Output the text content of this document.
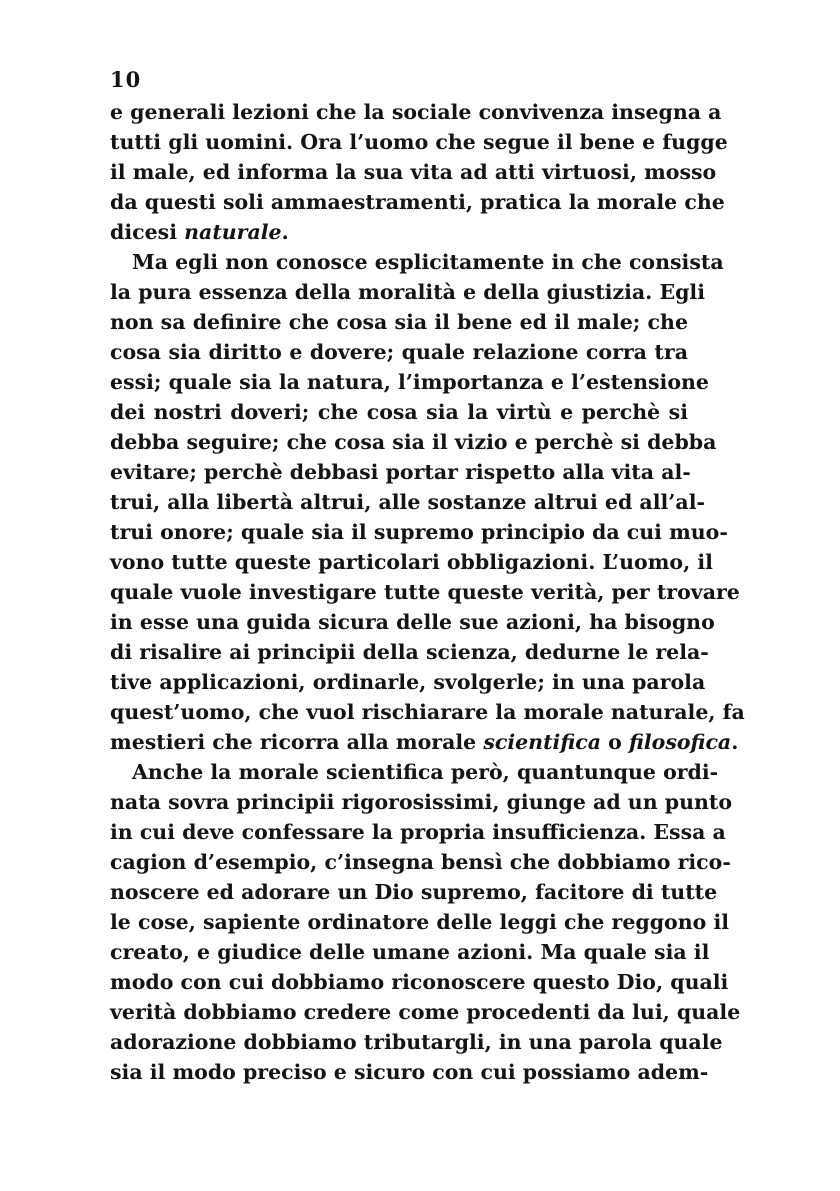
10
e generali lezioni che la sociale convivenza insegna a
tutti gli uomini. Ora l’uomo che segue il bene e fugge
il male, ed informa la sua vita ad atti virtuosi, mosso
da questi soli ammaestramenti, pratica la morale che
dicesi naturale.
Ma egli non conosce esplicitamente in che consista
la pura essenza della moralità e della giustizia. Egli
non sa definire che cosa sia il bene ed il male; che
cosa sia diritto e dovere; quale relazione corra tra
essi; quale sia la natura, l’importanza e l’estensione
dei nostri doveri; che cosa sia la virtù e perchè si
debba seguire; che cosa sia il vizio e perchè si debba
evitare; perchè debbasi portar rispetto alla vita al-
trui, alla libertà altrui, alle sostanze altrui ed all’al-
trui onore; quale sia il supremo principio da cui muo-
vono tutte queste particolari obbligazioni. L’uomo, il
quale vuole investigare tutte queste verità, per trovare
in esse una guida sicura delle sue azioni, ha bisogno
di risalire ai principii della scienza, dedurne le rela-
tive applicazioni, ordinarle, svolgerle; in una parola
quest’uomo, che vuol rischiarare la morale naturale, fa
mestieri che ricorra alla morale scientifica o filosofica.
Anche la morale scientifica però, quantunque ordi-
nata sovra principii rigorosissimi, giunge ad un punto
in cui deve confessare la propria insufficienza. Essa a
cagion d’esempio, c’insegna bensì che dobbiamo rico-
noscere ed adorare un Dio supremo, facitore di tutte
le cose, sapiente ordinatore delle leggi che reggono il
creato, e giudice delle umane azioni. Ma quale sia il
modo con cui dobbiamo riconoscere questo Dio, quali
verità dobbiamo credere come procedenti da lui, quale
adorazione dobbiamo tributargli, in una parola quale
sia il modo preciso e sicuro con cui possiamo adem-
